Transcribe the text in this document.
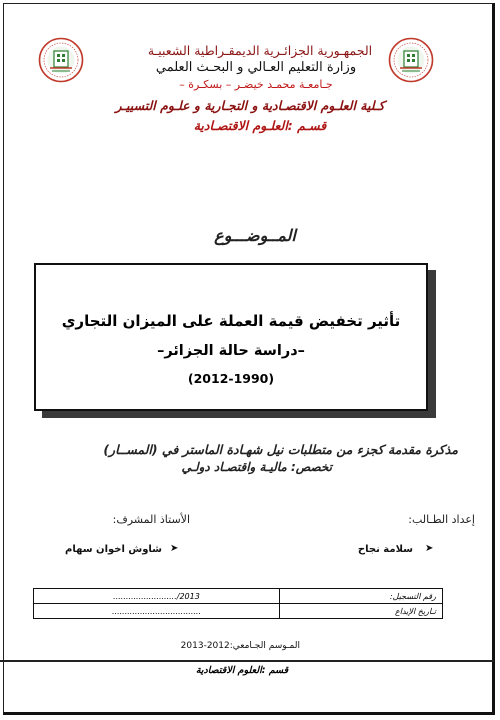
الجمهـورية الجزائـرية الديمقـراطية الشعبيـة
وزارة التعليم العـالي و البحـث العلمي
جـامعـة محمـد خيضـر – بسكـرة –
كـلية العلـوم الاقتصـادية و التجـارية و علـوم التسييـر
قسـم :العلـوم الاقتصـادية
المــوضـــوع
تأثير تخفيض قيمة العملة على الميزان التجاري
–دراسة حالة الجزائر–
(2012-1990)
مذكرة مقدمة كجزء من متطلبات نيل شهـادة الماستر في (المســار)
تخصص: ماليـة واقتصـاد دولـي
إعداد الطـالب:
الأستاذ المشرف:
➤
سلامة نجاح
➤
شاوش اخوان سهام
........................./2013	رقم التسجيل:
...................................	تـاريخ الإيداع
المـوسم الجـامعي:2012-2013
قسم :العلوم الاقتصادية
